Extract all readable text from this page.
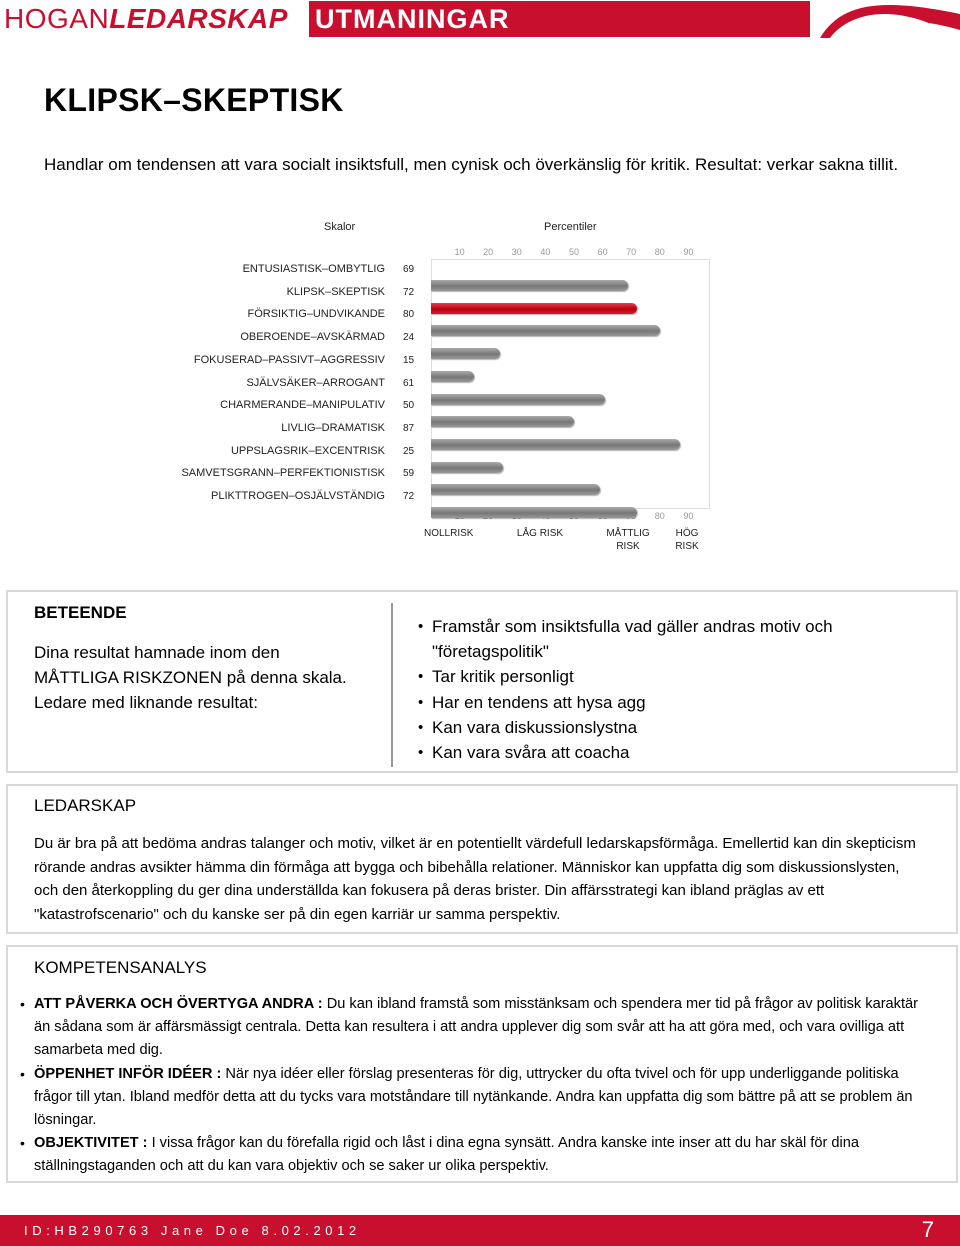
HOGANLEDARSKAP UTMANINGAR
KLIPSK–SKEPTISK
Handlar om tendensen att vara socialt insiktsfull, men cynisk och överkänslig för kritik. Resultat: verkar sakna tillit.
Skalor	Percentiler
10	20	30	40	50	60	70	80
80
90
90
ENTUSIASTISK–OMBYTLIG 69
KLIPSK–SKEPTISK 72
FÖRSIKTIG–UNDVIKANDE 80
OBEROENDE–AVSKÄRMAD 24
FOKUSERAD–PASSIVT–AGGRESSIV 15
SJÄLVSÄKER–ARROGANT 61
CHARMERANDE–MANIPULATIV 50
LIVLIG–DRAMATISK 87
UPPSLAGSRIK–EXCENTRISK 25
SAMVETSGRANN–PERFEKTIONISTISK 59
PLIKTTROGEN–OSJÄLVSTÄNDIG 72
NOLLRISK	LÅG RISK	MÅTTLIG RISK
HÖG RISK
BETEENDE

Dina resultat hamnade inom den MÅTTLIGA RISKZONEN på denna skala. Ledare med liknande resultat:

• Framstår som insiktsfulla vad gäller andras motiv och "företagspolitik"
• Tar kritik personligt
• Har en tendens att hysa agg
• Kan vara diskussionslystna
• Kan vara svåra att coacha
LEDARSKAP
Du är bra på att bedöma andras talanger och motiv, vilket är en potentiellt värdefull ledarskapsförmåga. Emellertid kan din skepticism rörande andras avsikter hämma din förmåga att bygga och bibehålla relationer. Människor kan uppfatta dig som diskussionslysten, och den återkoppling du ger dina underställda kan fokusera på deras brister. Din affärsstrategi kan ibland präglas av ett "katastrofscenario" och du kanske ser på din egen karriär ur samma perspektiv.
KOMPETENSANALYS
• ATT PÅVERKA OCH ÖVERTYGA ANDRA : Du kan ibland framstå som misstänksam och spendera mer tid på frågor av politisk karaktär än sådana som är affärsmässigt centrala. Detta kan resultera i att andra upplever dig som svår att ha att göra med, och vara ovilliga att samarbeta med dig.
• ÖPPENHET INFÖR IDÉER : När nya idéer eller förslag presenteras för dig, uttrycker du ofta tvivel och för upp underliggande politiska frågor till ytan. Ibland medför detta att du tycks vara motståndare till nytänkande. Andra kan uppfatta dig som bättre på att se problem än lösningar.
• OBJEKTIVITET : I vissa frågor kan du förefalla rigid och låst i dina egna synsätt. Andra kanske inte inser att du har skäl för dina ställningstaganden och att du kan vara objektiv och se saker ur olika perspektiv.
ID:HB290763 Jane Doe 8.02.2012	7
